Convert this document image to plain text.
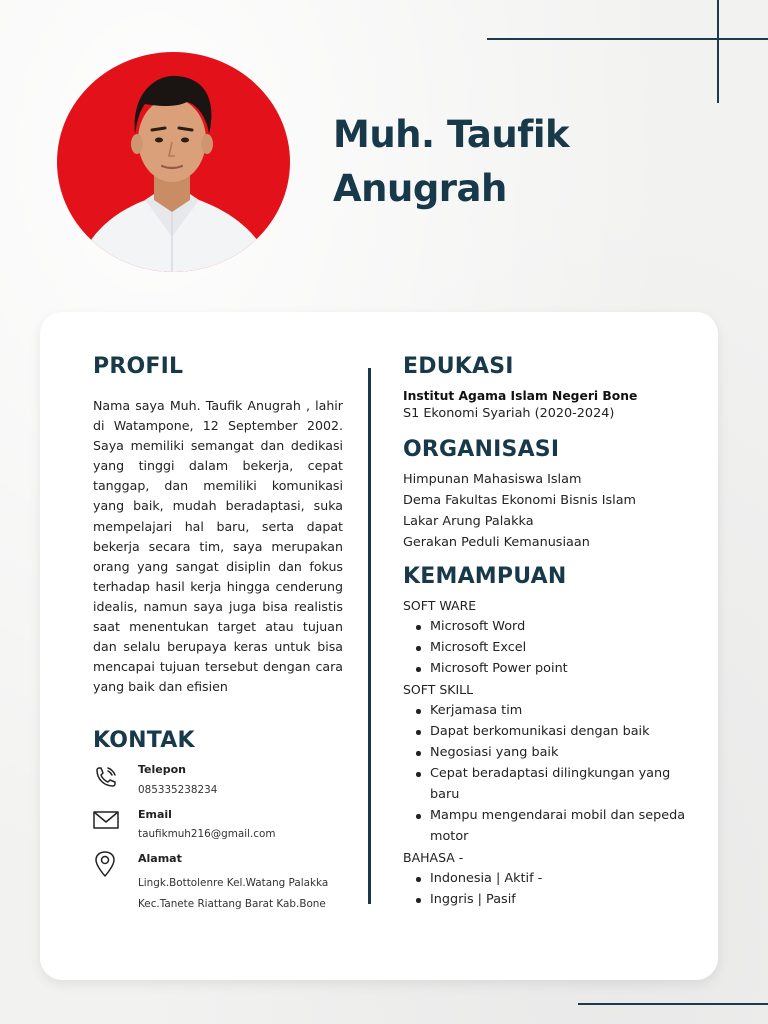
Muh. Taufik
Anugrah
PROFIL

Nama saya Muh. Taufik Anugrah , lahir di Watampone, 12 September 2002. Saya memiliki semangat dan dedikasi yang tinggi dalam bekerja, cepat tanggap, dan memiliki komunikasi yang baik, mudah beradaptasi, suka mempelajari hal baru, serta dapat bekerja secara tim, saya merupakan orang yang sangat disiplin dan fokus terhadap hasil kerja hingga cenderung idealis, namun saya juga bisa realistis saat menentukan target atau tujuan dan selalu berupaya keras untuk bisa mencapai tujuan tersebut dengan cara yang baik dan efisien

KONTAK
Telepon
085335238234
Email
taufikmuh216@gmail.com
Alamat
Lingk.Bottolenre Kel.Watang Palakka
Kec.Tanete Riattang Barat Kab.Bone
EDUKASI
Institut Agama Islam Negeri Bone
S1 Ekonomi Syariah (2020-2024)
ORGANISASI
Himpunan Mahasiswa Islam
Dema Fakultas Ekonomi Bisnis Islam
Lakar Arung Palakka
Gerakan Peduli Kemanusiaan
KEMAMPUAN
SOFT WARE
Microsoft Word
Microsoft Excel
Microsoft Power point
SOFT SKILL
Kerjamasa tim
Dapat berkomunikasi dengan baik
Negosiasi yang baik
Cepat beradaptasi dilingkungan yang baru
Mampu mengendarai mobil dan sepeda motor
BAHASA -
Indonesia | Aktif -
Inggris | Pasif
